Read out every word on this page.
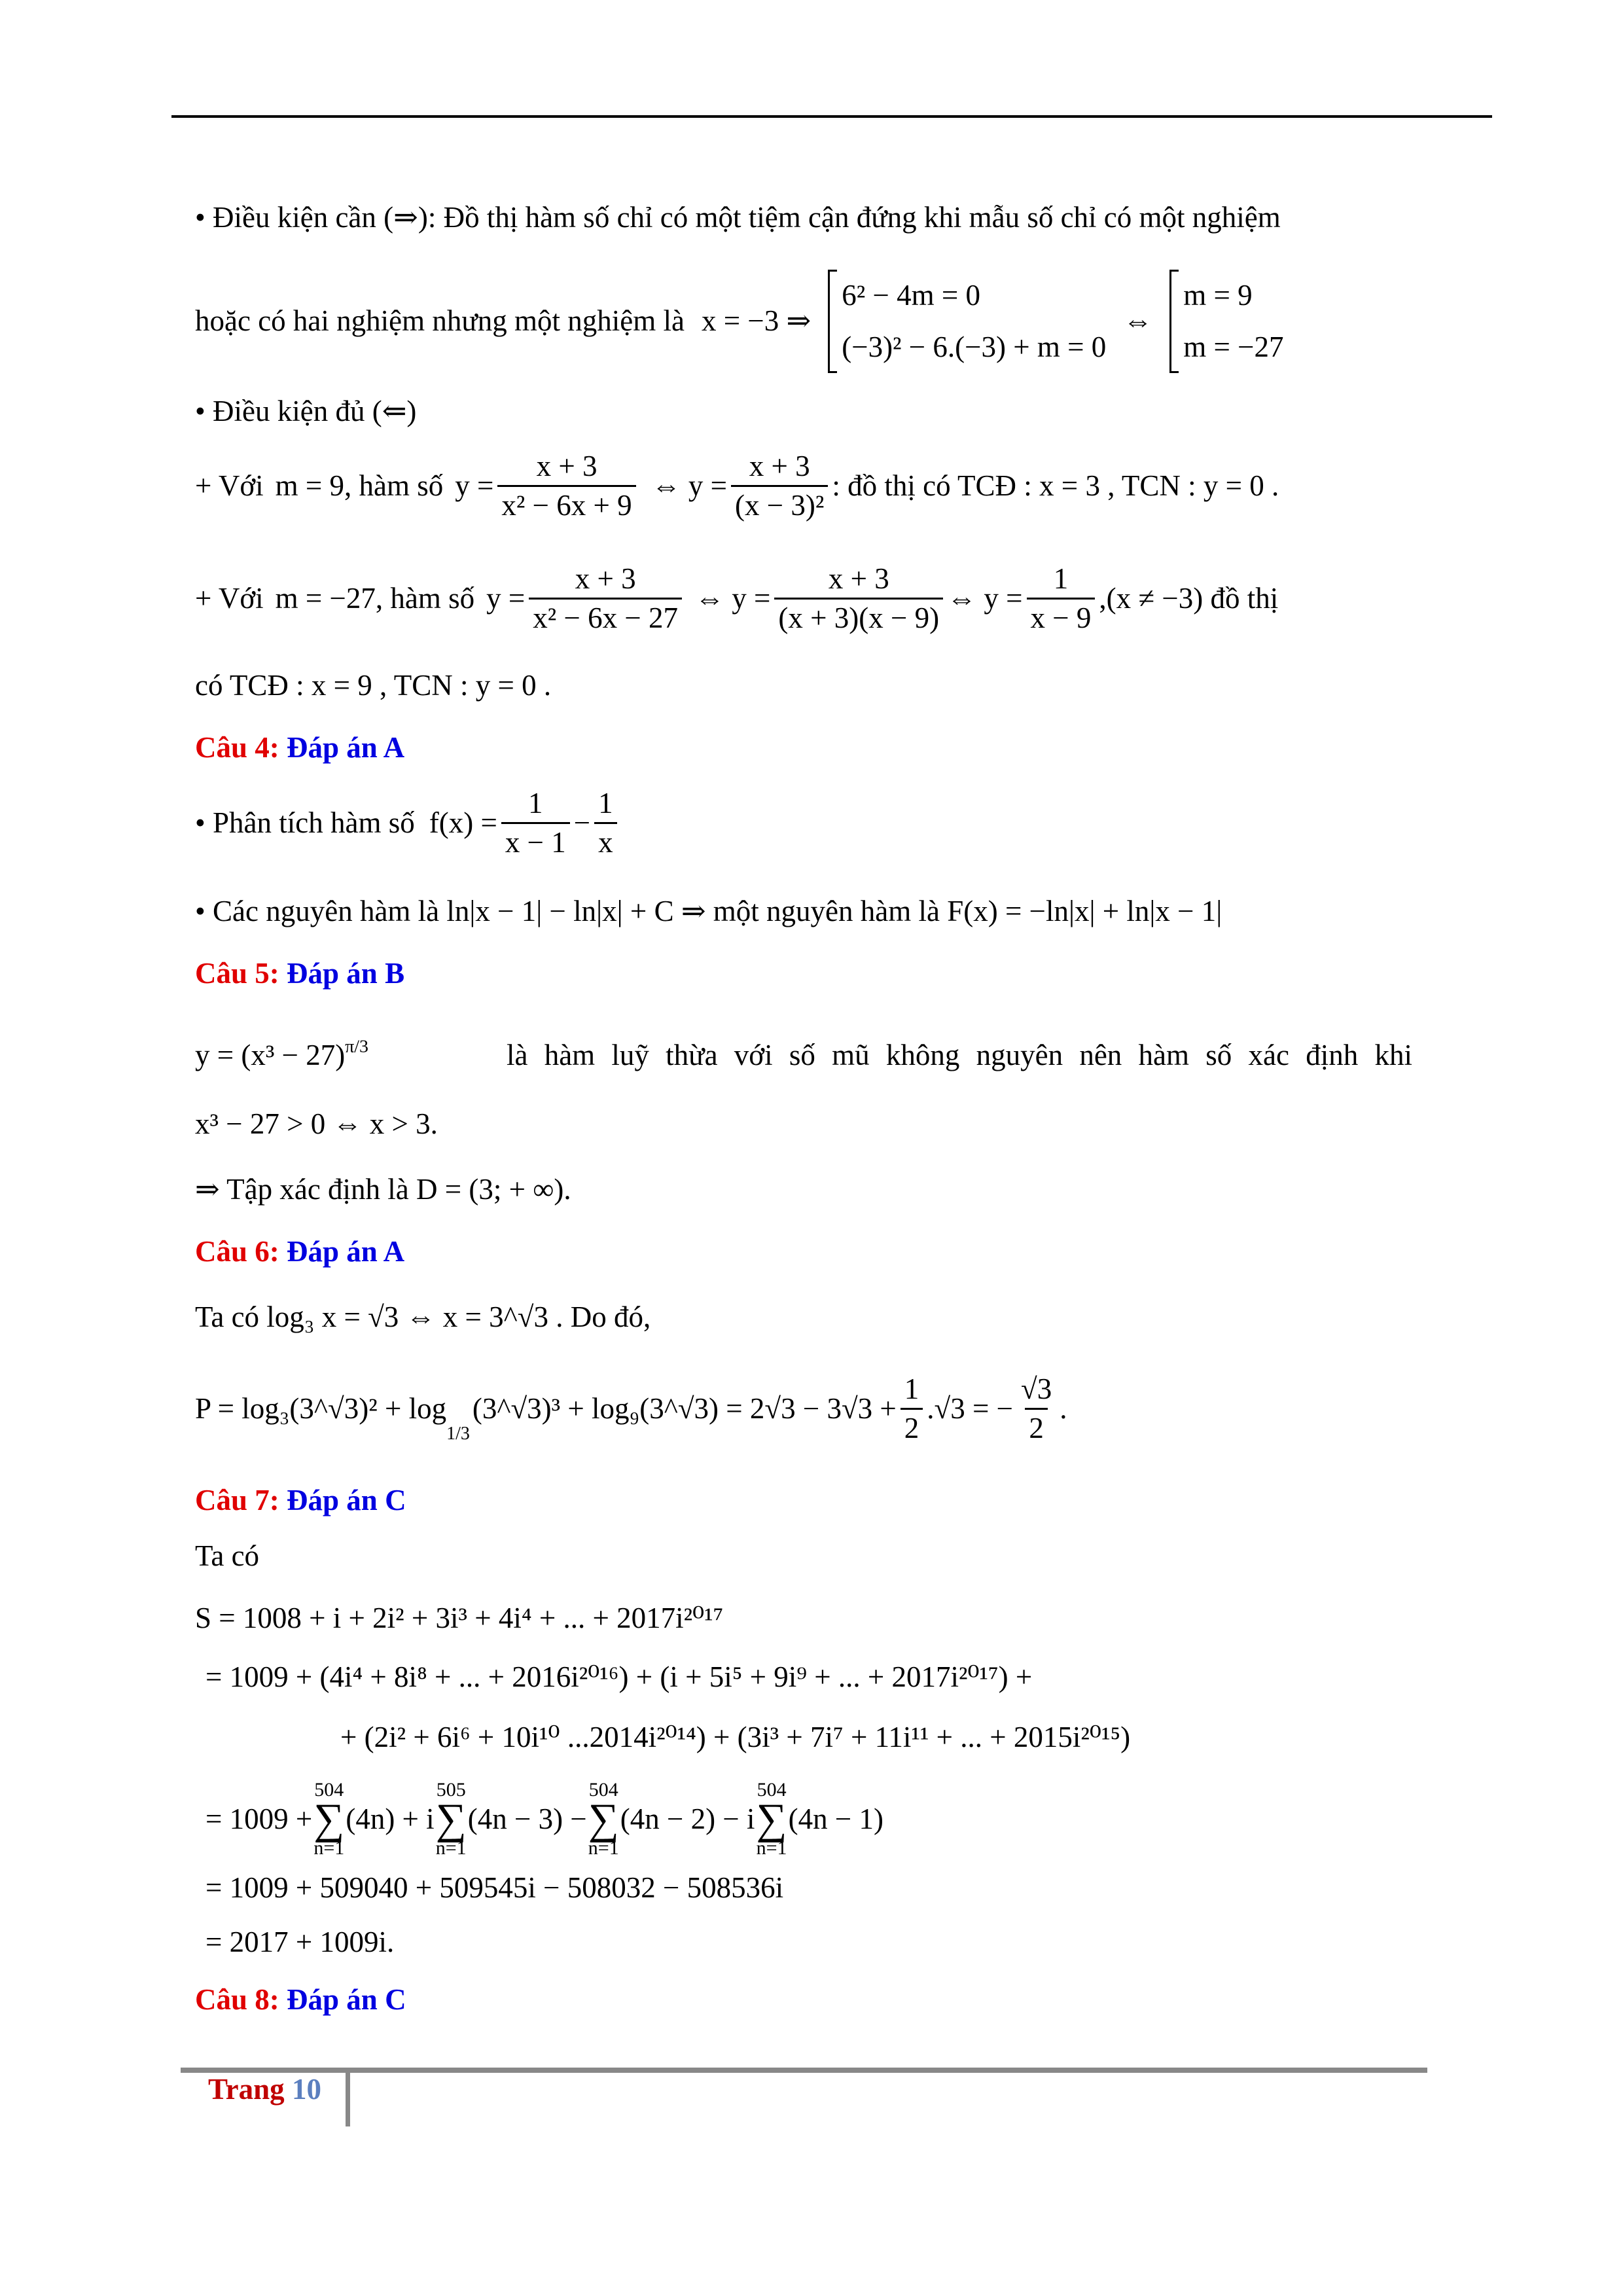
• Điều kiện cần (⇒): Đồ thị hàm số chỉ có một tiệm cận đứng khi mẫu số chỉ có một nghiệm
hoặc có hai nghiệm nhưng một nghiệm là x = −3 ⇒
6² − 4m = 0
(−3)² − 6.(−3) + m = 0
⇔
m = 9
m = −27
• Điều kiện đủ (⇐)
+ Với m = 9 , hàm số $y = \frac{x + 3}{\text{x² − 6x + 9}}$ ⇔ $y = \frac{x + 3}{\text{(x − 3)²}}$ : đồ thị có TCĐ : x = 3 , TCN : y = 0 .
+ Với m = −27 , hàm số $y = \frac{x + 3}{\text{x² − 6x − 27}}$ ⇔ $y = \frac{x + 3}{(x + 3)(x - 9)}$ ⇔ $y = \frac{1}{x - 9} ,(x \ne -3)$ đồ thị
có TCĐ : x = 9 , TCN : y = 0 .
Câu 4: Đáp án A
• Phân tích hàm số $f(x) = \frac{1}{x - 1} - \frac{1}{x}$
• Các nguyên hàm là ln|x − 1| − ln|x| + C ⇒ một nguyên hàm là F(x) = −ln|x| + ln|x − 1|
Câu 5: Đáp án B
$y = (x^3 - 27)^{\pi/3}$	là hàm luỹ thừa với số mũ không nguyên nên hàm số xác định khi
x³ − 27 > 0 ⇔ x > 3.
⇒ Tập xác định là D = (3; + ∞).
Câu 6: Đáp án A
Ta có log₃ x = √3 ⇔ x = 3^√3 . Do đó,
P = log₃(3^√3)² + log
1/3
(3^√3)³ + log₉(3^√3) = $2√3 - 3√3 + \frac{1}{2} .√3$ = − $\frac{√3}{2}$ .
Câu 7: Đáp án C
Ta có
S = 1008 + i + 2i² + 3i³ + 4i⁴ + ... + 2017i²⁰¹⁷
= 1009 + (4i⁴ + 8i⁸ + ... + 2016i²⁰¹⁶) + (i + 5i⁵ + 9i⁹ + ... + 2017i²⁰¹⁷) +
+ (2i² + 6i⁶ + 10i¹⁰ ...2014i²⁰¹⁴) + (3i³ + 7i⁷ + 11i¹¹ + ... + 2015i²⁰¹⁵)
= 1009 +
504
∑
n=1
(4n) + i
505
∑
n=1
(4n − 3) −
504
∑
n=1
(4n − 2) − i
504
∑
n=1
(4n − 1)
= 1009 + 509040 + 509545i − 508032 − 508536i
= 2017 + 1009i.
Câu 8: Đáp án C
Trang 10
